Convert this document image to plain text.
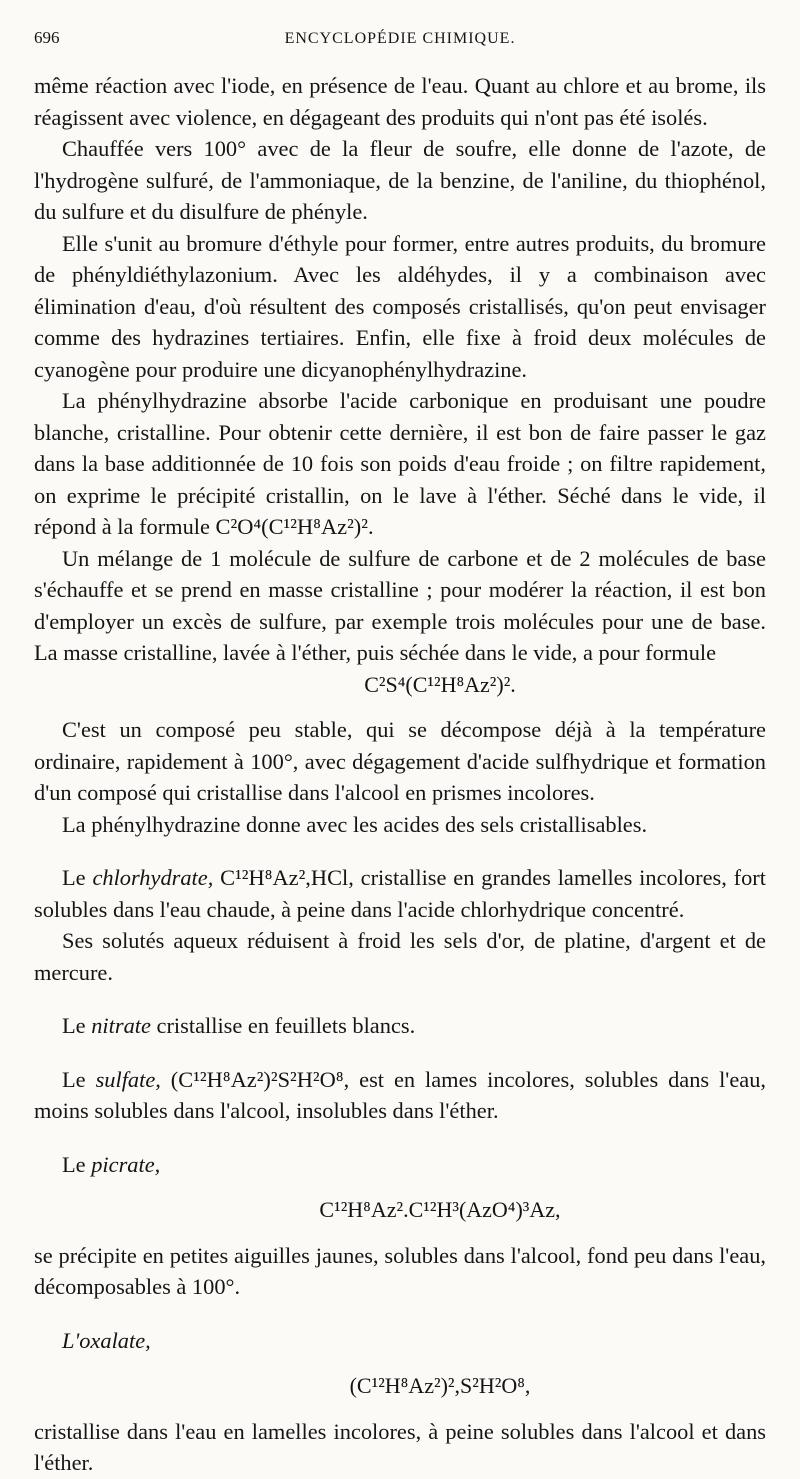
696	ENCYCLOPÉDIE CHIMIQUE.

même réaction avec l'iode, en présence de l'eau. Quant au chlore et au brome, ils réagissent avec violence, en dégageant des produits qui n'ont pas été isolés.

Chauffée vers 100° avec de la fleur de soufre, elle donne de l'azote, de l'hydrogène sulfuré, de l'ammoniaque, de la benzine, de l'aniline, du thiophénol, du sulfure et du disulfure de phényle.

Elle s'unit au bromure d'éthyle pour former, entre autres produits, du bromure de phényldiéthylazonium. Avec les aldéhydes, il y a combinaison avec élimination d'eau, d'où résultent des composés cristallisés, qu'on peut envisager comme des hydrazines tertiaires. Enfin, elle fixe à froid deux molécules de cyanogène pour produire une dicyanophénylhydrazine.

La phénylhydrazine absorbe l'acide carbonique en produisant une poudre blanche, cristalline. Pour obtenir cette dernière, il est bon de faire passer le gaz dans la base additionnée de 10 fois son poids d'eau froide ; on filtre rapidement, on exprime le précipité cristallin, on le lave à l'éther. Séché dans le vide, il répond à la formule C²O⁴(C¹²H⁸Az²)².

Un mélange de 1 molécule de sulfure de carbone et de 2 molécules de base s'échauffe et se prend en masse cristalline ; pour modérer la réaction, il est bon d'employer un excès de sulfure, par exemple trois molécules pour une de base. La masse cristalline, lavée à l'éther, puis séchée dans le vide, a pour formule

C²S⁴(C¹²H⁸Az²)².

C'est un composé peu stable, qui se décompose déjà à la température ordinaire, rapidement à 100°, avec dégagement d'acide sulfhydrique et formation d'un composé qui cristallise dans l'alcool en prismes incolores.

La phénylhydrazine donne avec les acides des sels cristallisables.

Le chlorhydrate, C¹²H⁸Az²,HCl, cristallise en grandes lamelles incolores, fort solubles dans l'eau chaude, à peine dans l'acide chlorhydrique concentré.

Ses solutés aqueux réduisent à froid les sels d'or, de platine, d'argent et de mercure.

Le nitrate cristallise en feuillets blancs.

Le sulfate, (C¹²H⁸Az²)²S²H²O⁸, est en lames incolores, solubles dans l'eau, moins solubles dans l'alcool, insolubles dans l'éther.

Le picrate,

C¹²H⁸Az².C¹²H³(AzO⁴)³Az,

se précipite en petites aiguilles jaunes, solubles dans l'alcool, fond peu dans l'eau, décomposables à 100°.

L'oxalate,

(C¹²H⁸Az²)²,S²H²O⁸,

cristallise dans l'eau en lamelles incolores, à peine solubles dans l'alcool et dans l'éther.
